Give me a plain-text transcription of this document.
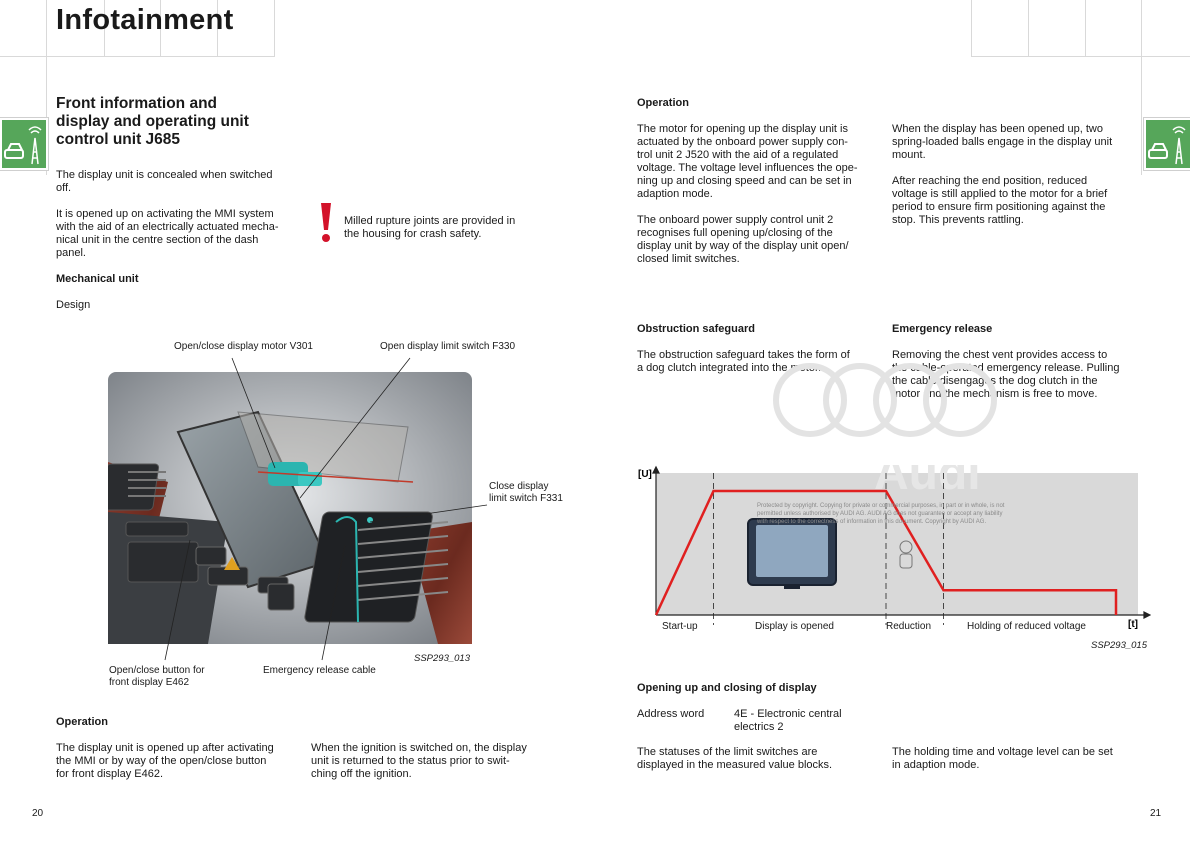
Infotainment
Front information and
display and operating unit
control unit J685
The display unit is concealed when switched
off.
It is opened up on activating the MMI system
with the aid of an electrically actuated mecha-
nical unit in the centre section of the dash
panel.
Milled rupture joints are provided in
the housing for crash safety.
Mechanical unit
Design
Open/close display motor V301	Open display limit switch F330
Close display
limit switch F331
Open/close button for
front display E462
Emergency release cable
SSP293_013
Operation
The display unit is opened up after activating
the MMI or by way of the open/close button
for front display E462.
When the ignition is switched on, the display
unit is returned to the status prior to swit-
ching off the ignition.
20
Operation
The motor for opening up the display unit is
actuated by the onboard power supply con-
trol unit 2 J520 with the aid of a regulated
voltage. The voltage level influences the ope-
ning up and closing speed and can be set in
adaption mode.
The onboard power supply control unit 2
recognises full opening up/closing of the
display unit by way of the display unit open/
closed limit switches.
When the display has been opened up, two
spring-loaded balls engage in the display unit
mount.
After reaching the end position, reduced
voltage is still applied to the motor for a brief
period to ensure firm positioning against the
stop. This prevents rattling.
Obstruction safeguard
The obstruction safeguard takes the form of
a dog clutch integrated into the motor.
Emergency release
Removing the chest vent provides access to
the cable-operated emergency release. Pulling
the cable disengages the dog clutch in the
motor and the mechanism is free to move.
Audi
[U]
[t]
Protected by copyright. Copying for private or commercial purposes, in part or in whole, is not
permitted unless authorised by AUDI AG. AUDI AG does not guarantee or accept any liability
with respect to the correctness of information in this document. Copyright by AUDI AG.
Start-up	Display is opened	Reduction	Holding of reduced voltage
SSP293_015
Opening up and closing of display
Address word	4E - Electronic central
electrics 2
The statuses of the limit switches are
displayed in the measured value blocks.
The holding time and voltage level can be set
in adaption mode.
21
